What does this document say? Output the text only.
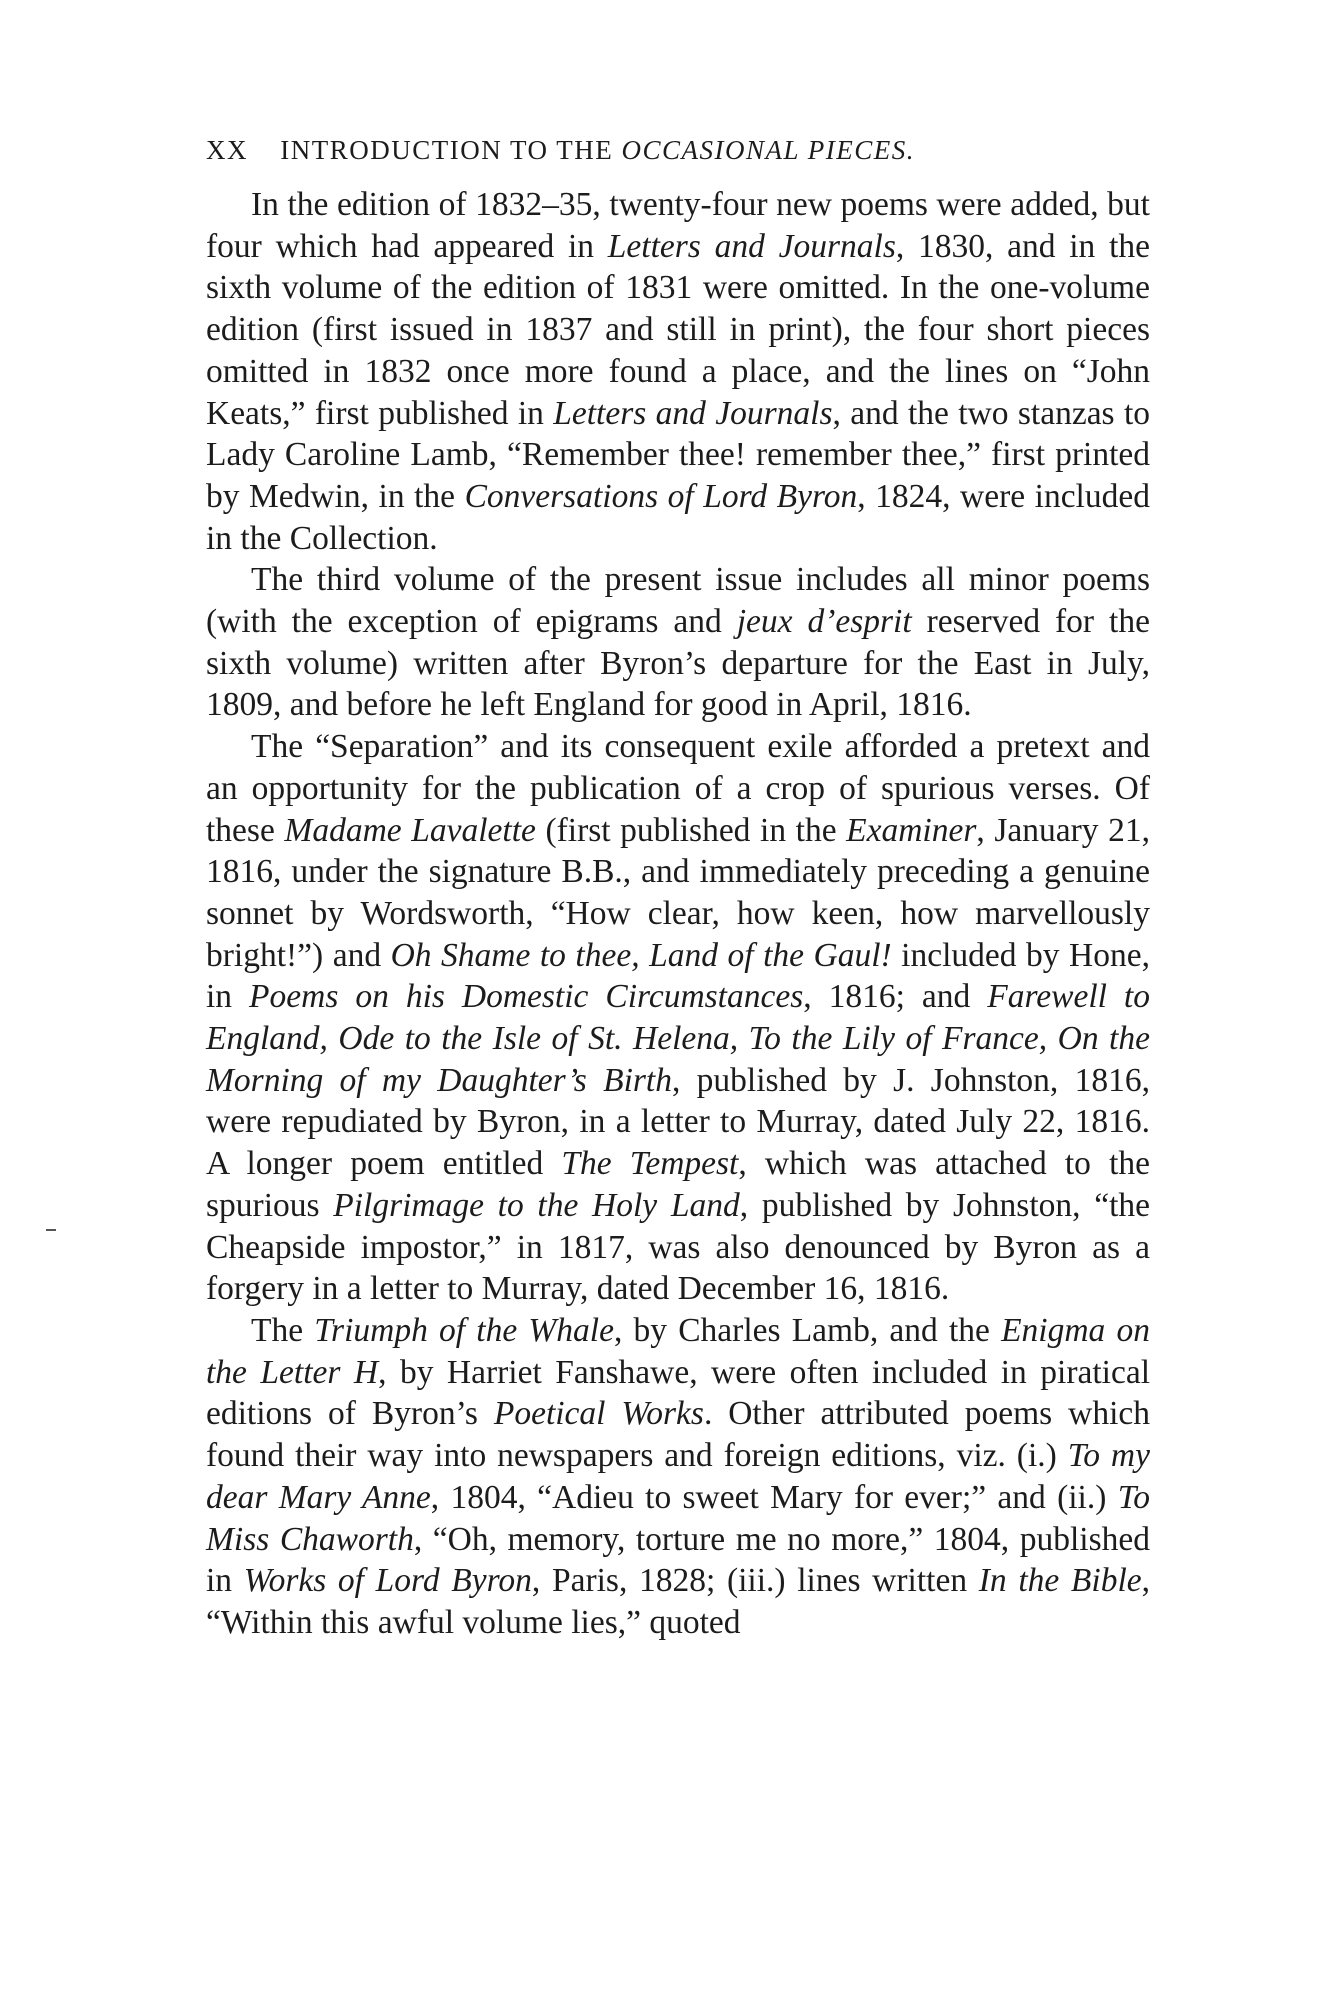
XX INTRODUCTION TO THE OCCASIONAL PIECES.

In the edition of 1832–35, twenty-four new poems were added, but four which had appeared in Letters and Journals, 1830, and in the sixth volume of the edition of 1831 were omitted. In the one-volume edition (first issued in 1837 and still in print), the four short pieces omitted in 1832 once more found a place, and the lines on “John Keats,” first published in Letters and Journals, and the two stanzas to Lady Caroline Lamb, “Remember thee! remember thee,” first printed by Medwin, in the Conversations of Lord Byron, 1824, were included in the Collection.

The third volume of the present issue includes all minor poems (with the exception of epigrams and jeux d’esprit reserved for the sixth volume) written after Byron’s departure for the East in July, 1809, and before he left England for good in April, 1816.

The “Separation” and its consequent exile afforded a pretext and an opportunity for the publication of a crop of spurious verses. Of these Madame Lavalette (first published in the Examiner, January 21, 1816, under the signature B.B., and immediately preceding a genuine sonnet by Wordsworth, “How clear, how keen, how marvellously bright!”) and Oh Shame to thee, Land of the Gaul! included by Hone, in Poems on his Domestic Circumstances, 1816; and Farewell to England, Ode to the Isle of St. Helena, To the Lily of France, On the Morning of my Daughter’s Birth, published by J. Johnston, 1816, were repudiated by Byron, in a letter to Murray, dated July 22, 1816. A longer poem entitled The Tempest, which was attached to the spurious Pilgrimage to the Holy Land, published by Johnston, “the Cheapside impostor,” in 1817, was also denounced by Byron as a forgery in a letter to Murray, dated December 16, 1816.

The Triumph of the Whale, by Charles Lamb, and the Enigma on the Letter H, by Harriet Fanshawe, were often included in piratical editions of Byron’s Poetical Works. Other attributed poems which found their way into newspapers and foreign editions, viz. (i.) To my dear Mary Anne, 1804, “Adieu to sweet Mary for ever;” and (ii.) To Miss Chaworth, “Oh, memory, torture me no more,” 1804, published in Works of Lord Byron, Paris, 1828; (iii.) lines written In the Bible, “Within this awful volume lies,” quoted
